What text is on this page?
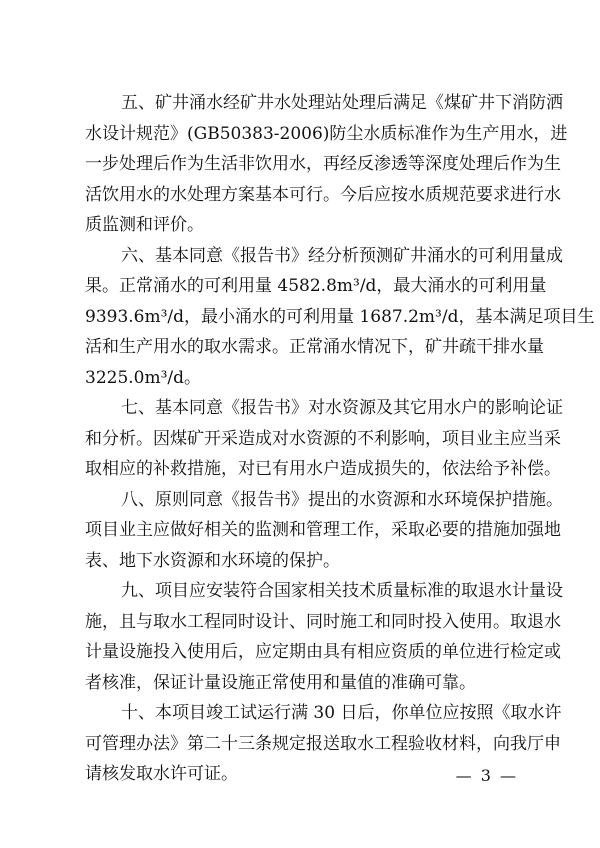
五、矿井涌水经矿井水处理站处理后满足《煤矿井下消防洒
水设计规范》(GB50383-2006)防尘水质标准作为生产用水，进
一步处理后作为生活非饮用水，再经反渗透等深度处理后作为生
活饮用水的水处理方案基本可行。今后应按水质规范要求进行水
质监测和评价。
六、基本同意《报告书》经分析预测矿井涌水的可利用量成
果。正常涌水的可利用量 4582.8m³/d，最大涌水的可利用量
9393.6m³/d，最小涌水的可利用量 1687.2m³/d，基本满足项目生
活和生产用水的取水需求。正常涌水情况下，矿井疏干排水量
3225.0m³/d。
七、基本同意《报告书》对水资源及其它用水户的影响论证
和分析。因煤矿开采造成对水资源的不利影响，项目业主应当采
取相应的补救措施，对已有用水户造成损失的，依法给予补偿。
八、原则同意《报告书》提出的水资源和水环境保护措施。
项目业主应做好相关的监测和管理工作，采取必要的措施加强地
表、地下水资源和水环境的保护。
九、项目应安装符合国家相关技术质量标准的取退水计量设
施，且与取水工程同时设计、同时施工和同时投入使用。取退水
计量设施投入使用后，应定期由具有相应资质的单位进行检定或
者核准，保证计量设施正常使用和量值的准确可靠。
十、本项目竣工试运行满 30 日后，你单位应按照《取水许
可管理办法》第二十三条规定报送取水工程验收材料，向我厅申
请核发取水许可证。	— 3 —
